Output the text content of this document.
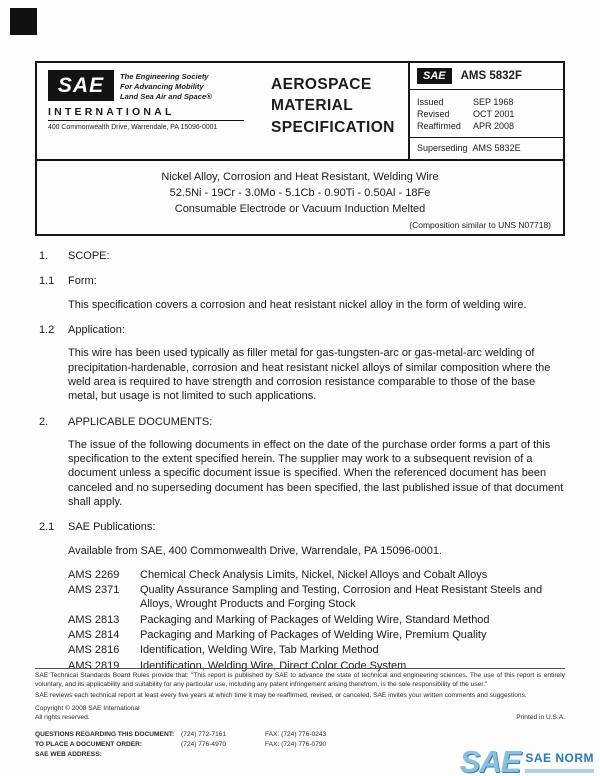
SAE	The Engineering Society
For Advancing Mobility
Land Sea Air and Space®
INTERNATIONAL
400 Commonwealth Drive, Warrendale, PA 15096-0001
AEROSPACE
MATERIAL
SPECIFICATION
SAE	AMS 5832F
Issued	SEP 1968
Revised	OCT 2001
Reaffirmed	APR 2008
Superseding AMS 5832E
Nickel Alloy, Corrosion and Heat Resistant, Welding Wire
52.5Ni - 19Cr - 3.0Mo - 5.1Cb - 0.90Ti - 0.50Al - 18Fe
Consumable Electrode or Vacuum Induction Melted
(Composition similar to UNS N07718)
1. SCOPE:
1.1 Form:

This specification covers a corrosion and heat resistant nickel alloy in the form of welding wire.

1.2 Application:

This wire has been used typically as filler metal for gas-tungsten-arc or gas-metal-arc welding of precipitation-hardenable, corrosion and heat resistant nickel alloys of similar composition where the weld area is required to have strength and corrosion resistance comparable to those of the base metal, but usage is not limited to such applications.

2. APPLICABLE DOCUMENTS:

The issue of the following documents in effect on the date of the purchase order forms a part of this specification to the extent specified herein. The supplier may work to a subsequent revision of a document unless a specific document issue is specified. When the referenced document has been canceled and no superseding document has been specified, the last published issue of that document shall apply.

2.1 SAE Publications:

Available from SAE, 400 Commonwealth Drive, Warrendale, PA 15096-0001.

AMS 2269	Chemical Check Analysis Limits, Nickel, Nickel Alloys and Cobalt Alloys
AMS 2371	Quality Assurance Sampling and Testing, Corrosion and Heat Resistant Steels and Alloys, Wrought Products and Forging Stock
AMS 2813	Packaging and Marking of Packages of Welding Wire, Standard Method
AMS 2814	Packaging and Marking of Packages of Welding Wire, Premium Quality
AMS 2816	Identification, Welding Wire, Tab Marking Method
AMS 2819	Identification, Welding Wire, Direct Color Code System

SAE Technical Standards Board Rules provide that: "This report is published by SAE to advance the state of technical and engineering sciences. The use of this report is entirely voluntary, and its applicability and suitability for any particular use, including any patent infringement arising therefrom, is the sole responsibility of the user."

SAE reviews each technical report at least every five years at which time it may be reaffirmed, revised, or canceled. SAE invites your written comments and suggestions.

Copyright © 2008 SAE International
All rights reserved.	Printed in U.S.A.
QUESTIONS REGARDING THIS DOCUMENT:	(724) 772-7161	FAX: (724) 776-0243
TO PLACE A DOCUMENT ORDER:	(724) 776-4970	FAX: (724) 776-0790
SAE WEB ADDRESS:	SAE SAE NORM
